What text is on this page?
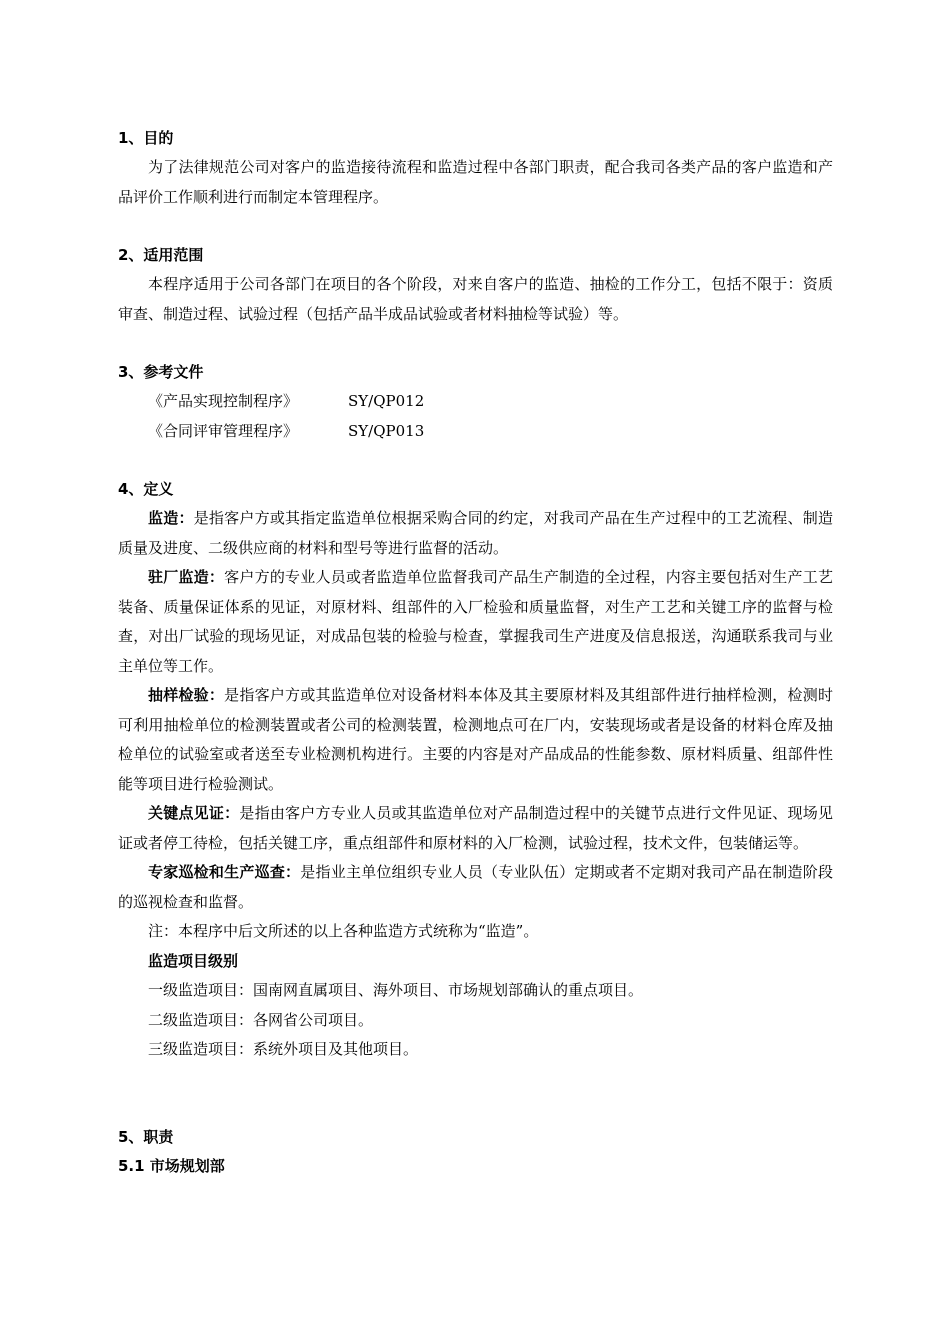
1、目的

为了法律规范公司对客户的监造接待流程和监造过程中各部门职责，配合我司各类产品的客户监造和产品评价工作顺利进行而制定本管理程序。

2、适用范围

本程序适用于公司各部门在项目的各个阶段，对来自客户的监造、抽检的工作分工，包括不限于：资质审查、制造过程、试验过程（包括产品半成品试验或者材料抽检等试验）等。

3、参考文件
《产品实现控制程序》	SY/QP012
《合同评审管理程序》	SY/QP013
4、定义

监造：是指客户方或其指定监造单位根据采购合同的约定，对我司产品在生产过程中的工艺流程、制造质量及进度、二级供应商的材料和型号等进行监督的活动。

驻厂监造：客户方的专业人员或者监造单位监督我司产品生产制造的全过程，内容主要包括对生产工艺装备、质量保证体系的见证，对原材料、组部件的入厂检验和质量监督，对生产工艺和关键工序的监督与检查，对出厂试验的现场见证，对成品包装的检验与检查，掌握我司生产进度及信息报送，沟通联系我司与业主单位等工作。

抽样检验：是指客户方或其监造单位对设备材料本体及其主要原材料及其组部件进行抽样检测，检测时可利用抽检单位的检测装置或者公司的检测装置，检测地点可在厂内，安装现场或者是设备的材料仓库及抽检单位的试验室或者送至专业检测机构进行。主要的内容是对产品成品的性能参数、原材料质量、组部件性能等项目进行检验测试。

关键点见证：是指由客户方专业人员或其监造单位对产品制造过程中的关键节点进行文件见证、现场见证或者停工待检，包括关键工序，重点组部件和原材料的入厂检测，试验过程，技术文件，包装储运等。

专家巡检和生产巡查：是指业主单位组织专业人员（专业队伍）定期或者不定期对我司产品在制造阶段的巡视检查和监督。

注：本程序中后文所述的以上各种监造方式统称为“监造”。
监造项目级别
一级监造项目：国南网直属项目、海外项目、市场规划部确认的重点项目。
二级监造项目：各网省公司项目。
三级监造项目：系统外项目及其他项目。
5、职责
5.1 市场规划部
